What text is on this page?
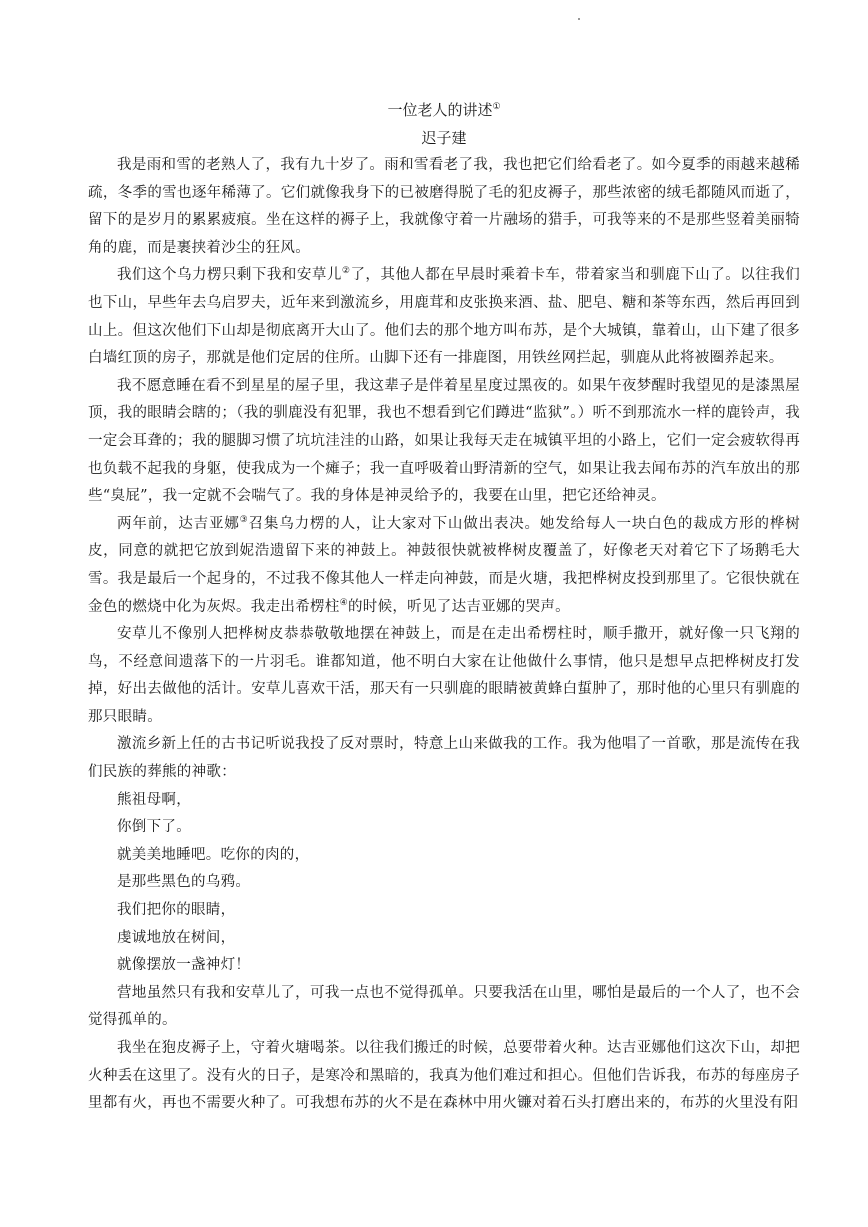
一位老人的讲述①

迟子建

我是雨和雪的老熟人了，我有九十岁了。雨和雪看老了我，我也把它们给看老了。如今夏季的雨越来越稀疏，冬季的雪也逐年稀薄了。它们就像我身下的已被磨得脱了毛的犯皮褥子，那些浓密的绒毛都随风而逝了，留下的是岁月的累累疲痕。坐在这样的褥子上，我就像守着一片融场的猎手，可我等来的不是那些竖着美丽犄角的鹿，而是裹挟着沙尘的狂风。

我们这个乌力楞只剩下我和安草儿②了，其他人都在早晨时乘着卡车，带着家当和驯鹿下山了。以往我们也下山，早些年去乌启罗夫，近年来到激流乡，用鹿茸和皮张换来酒、盐、肥皂、糖和茶等东西，然后再回到山上。但这次他们下山却是彻底离开大山了。他们去的那个地方叫布苏，是个大城镇，靠着山，山下建了很多白墙红顶的房子，那就是他们定居的住所。山脚下还有一排鹿图，用铁丝网拦起，驯鹿从此将被圈养起来。

我不愿意睡在看不到星星的屋子里，我这辈子是伴着星星度过黑夜的。如果午夜梦醒时我望见的是漆黑屋顶，我的眼睛会瞎的；（我的驯鹿没有犯罪，我也不想看到它们蹲进“监狱”。）听不到那流水一样的鹿铃声，我一定会耳聋的；我的腿脚习惯了坑坑洼洼的山路，如果让我每天走在城镇平坦的小路上，它们一定会疲软得再也负载不起我的身躯，使我成为一个瘫子；我一直呼吸着山野清新的空气，如果让我去闻布苏的汽车放出的那些“臭屁”，我一定就不会喘气了。我的身体是神灵给予的，我要在山里，把它还给神灵。

两年前，达吉亚娜③召集乌力楞的人，让大家对下山做出表决。她发给每人一块白色的裁成方形的桦树皮，同意的就把它放到妮浩遗留下来的神鼓上。神鼓很快就被桦树皮覆盖了，好像老天对着它下了场鹅毛大雪。我是最后一个起身的，不过我不像其他人一样走向神鼓，而是火塘，我把桦树皮投到那里了。它很快就在金色的燃烧中化为灰烬。我走出希楞柱④的时候，听见了达吉亚娜的哭声。

安草儿不像别人把桦树皮恭恭敬敬地摆在神鼓上，而是在走出希楞柱时，顺手撒开，就好像一只飞翔的鸟，不经意间遗落下的一片羽毛。谁都知道，他不明白大家在让他做什么事情，他只是想早点把桦树皮打发掉，好出去做他的活计。安草儿喜欢干活，那天有一只驯鹿的眼睛被黄蜂白蜇肿了，那时他的心里只有驯鹿的那只眼睛。

激流乡新上任的古书记听说我投了反对票时，特意上山来做我的工作。我为他唱了一首歌，那是流传在我们民族的葬熊的神歌：

熊祖母啊，

你倒下了。

就美美地睡吧。吃你的肉的，

是那些黑色的乌鸦。

我们把你的眼睛，

虔诚地放在树间，

就像摆放一盏神灯！

营地虽然只有我和安草儿了，可我一点也不觉得孤单。只要我活在山里，哪怕是最后的一个人了，也不会觉得孤单的。

我坐在狍皮褥子上，守着火塘喝茶。以往我们搬迁的时候，总要带着火种。达吉亚娜他们这次下山，却把火种丢在这里了。没有火的日子，是寒冷和黑暗的，我真为他们难过和担心。但他们告诉我，布苏的每座房子里都有火，再也不需要火种了。可我想布苏的火不是在森林中用火镰对着石头打磨出来的，布苏的火里没有阳
